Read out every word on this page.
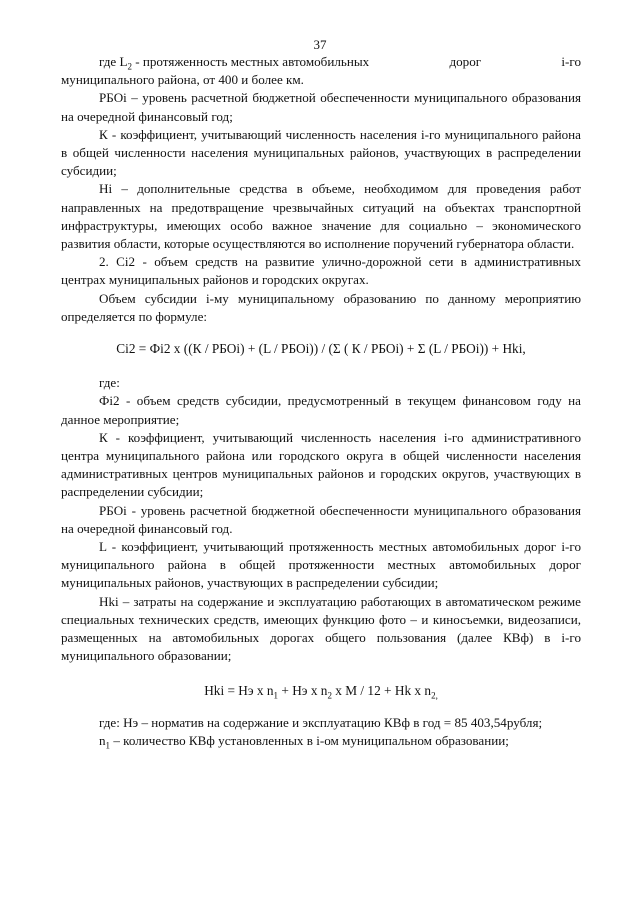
37

где $L_2$ - протяженность местных автомобильных	дорог	i-го

муниципального района, от 400 и более км.

РБОi – уровень расчетной бюджетной обеспеченности муниципального образования на очередной финансовый год;

К - коэффициент, учитывающий численность населения i-го муниципального района в общей численности населения муниципальных районов, участвующих в распределении субсидии;

Hi – дополнительные средства в объеме, необходимом для проведения работ направленных на предотвращение чрезвычайных ситуаций на объектах транспортной инфраструктуры, имеющих особо важное значение для социально – экономического развития области, которые осуществляются во исполнение поручений губернатора области.

2. Сi2 - объем средств на развитие улично-дорожной сети в административных центрах муниципальных районов и городских округах.

Объем субсидии i-му муниципальному образованию по данному мероприятию определяется по формуле:

Сi2 = Фi2 x ((К / РБОi) + (L / РБОi)) / (Σ ( К / РБОi) + Σ (L / РБОi)) + Нki,

где:

Фi2 - объем средств субсидии, предусмотренный в текущем финансовом году на данное мероприятие;

К - коэффициент, учитывающий численность населения i-го административного центра муниципального района или городского округа в общей численности населения административных центров муниципальных районов и городских округов, участвующих в распределении субсидии;

РБОi - уровень расчетной бюджетной обеспеченности муниципального образования на очередной финансовый год.

L - коэффициент, учитывающий протяженность местных автомобильных дорог i-го муниципального района в общей протяженности местных автомобильных дорог муниципальных районов, участвующих в распределении субсидии;

Нki – затраты на содержание и эксплуатацию работающих в автоматическом режиме специальных технических средств, имеющих функцию фото – и киносъемки, видеозаписи, размещенных на автомобильных дорогах общего пользования (далее КВф) в i-го муниципального образовании;

Нki = Нэ x $n_1$ + Нэ x $n_2$ x М / 12 + Нk x $n_{2,}$

где: Нэ – норматив на содержание и эксплуатацию КВф в год = 85 403,54рубля;

$n_1$ – количество КВф установленных в i-ом муниципальном образовании;
